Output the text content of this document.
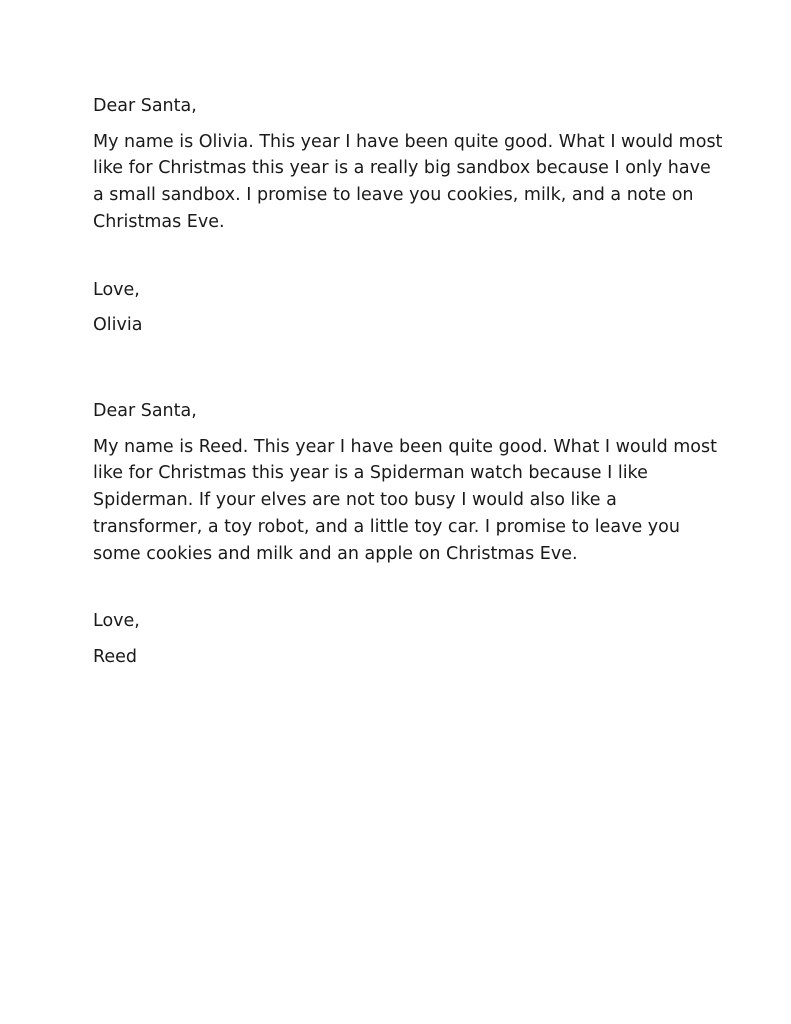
Dear Santa,
My name is Olivia. This year I have been quite good. What I would most
like for Christmas this year is a really big sandbox because I only have
a small sandbox. I promise to leave you cookies, milk, and a note on
Christmas Eve.
Love,
Olivia
Dear Santa,
My name is Reed. This year I have been quite good. What I would most
like for Christmas this year is a Spiderman watch because I like
Spiderman. If your elves are not too busy I would also like a
transformer, a toy robot, and a little toy car. I promise to leave you
some cookies and milk and an apple on Christmas Eve.
Love,
Reed
